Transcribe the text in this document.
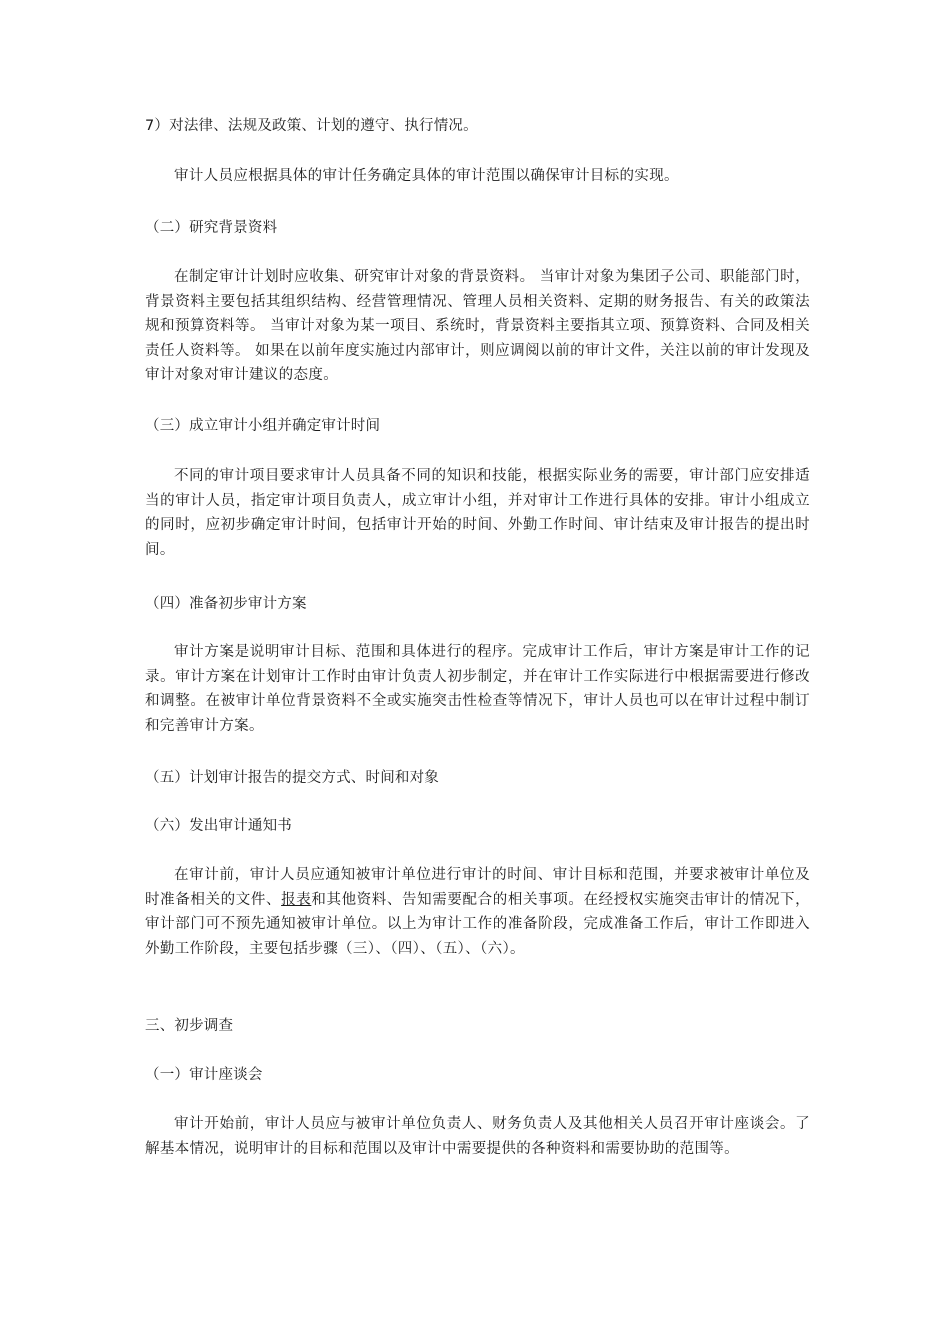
7）对法律、法规及政策、计划的遵守、执行情况。
审计人员应根据具体的审计任务确定具体的审计范围以确保审计目标的实现。
（二）研究背景资料
在制定审计计划时应收集、研究审计对象的背景资料。 当审计对象为集团子公司、职能部门时，背景资料主要包括其组织结构、经营管理情况、管理人员相关资料、定期的财务报告、有关的政策法规和预算资料等。 当审计对象为某一项目、系统时，背景资料主要指其立项、预算资料、合同及相关责任人资料等。 如果在以前年度实施过内部审计，则应调阅以前的审计文件，关注以前的审计发现及审计对象对审计建议的态度。
（三）成立审计小组并确定审计时间
不同的审计项目要求审计人员具备不同的知识和技能，根据实际业务的需要，审计部门应安排适当的审计人员，指定审计项目负责人，成立审计小组，并对审计工作进行具体的安排。审计小组成立的同时，应初步确定审计时间，包括审计开始的时间、外勤工作时间、审计结束及审计报告的提出时间。
（四）准备初步审计方案
审计方案是说明审计目标、范围和具体进行的程序。完成审计工作后，审计方案是审计工作的记录。审计方案在计划审计工作时由审计负责人初步制定，并在审计工作实际进行中根据需要进行修改和调整。在被审计单位背景资料不全或实施突击性检查等情况下，审计人员也可以在审计过程中制订和完善审计方案。
（五）计划审计报告的提交方式、时间和对象
（六）发出审计通知书
在审计前，审计人员应通知被审计单位进行审计的时间、审计目标和范围，并要求被审计单位及时准备相关的文件、报表和其他资料、告知需要配合的相关事项。在经授权实施突击审计的情况下，审计部门可不预先通知被审计单位。以上为审计工作的准备阶段，完成准备工作后，审计工作即进入外勤工作阶段，主要包括步骤（三）、（四）、（五）、（六）。
三、初步调查
（一）审计座谈会
审计开始前，审计人员应与被审计单位负责人、财务负责人及其他相关人员召开审计座谈会。了解基本情况，说明审计的目标和范围以及审计中需要提供的各种资料和需要协助的范围等。
